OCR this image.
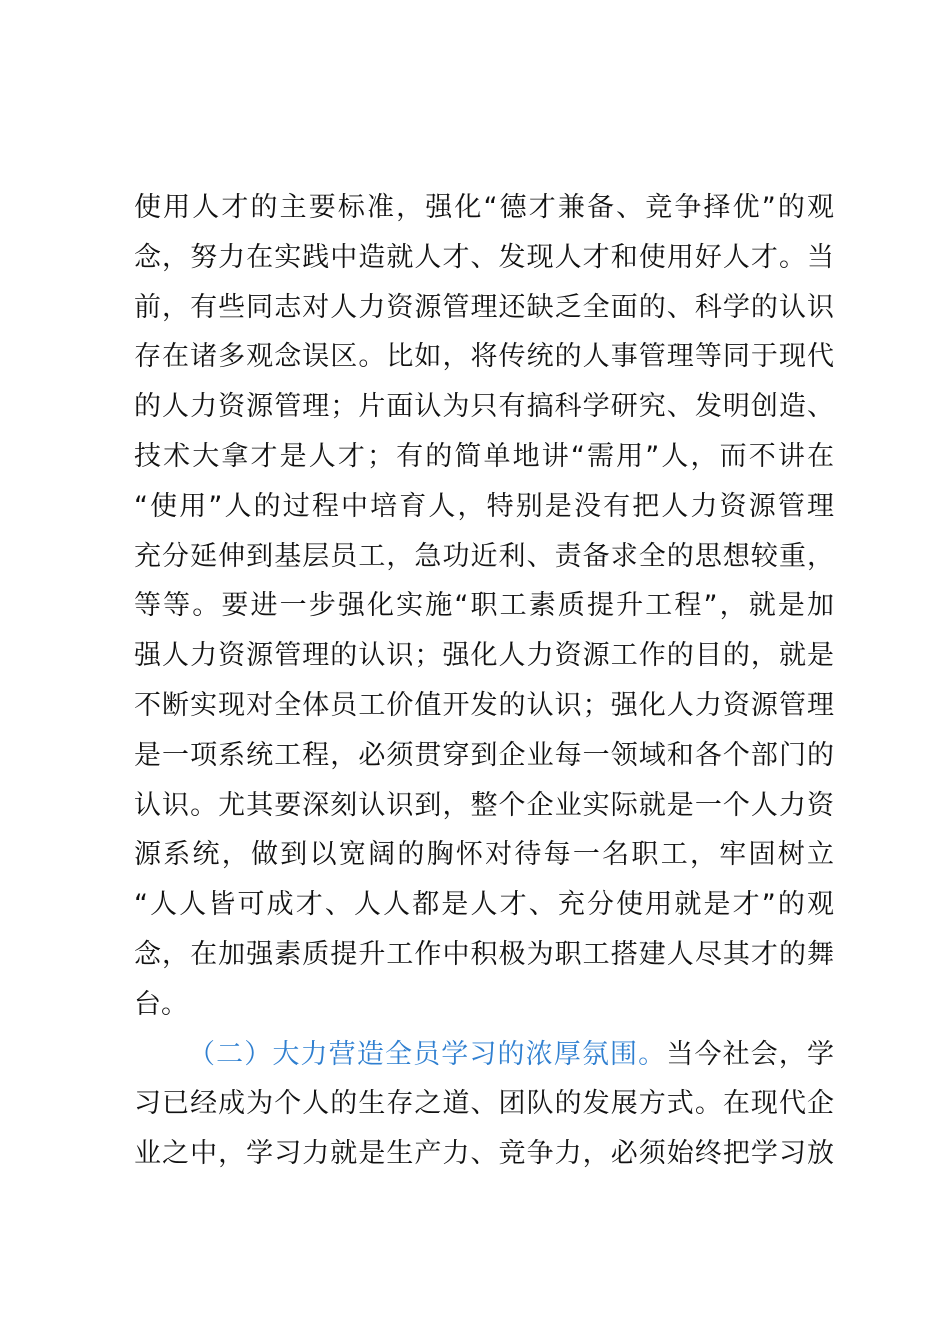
使用人才的主要标准，强化“德才兼备、竞争择优”的观
念，努力在实践中造就人才、发现人才和使用好人才。当
前，有些同志对人力资源管理还缺乏全面的、科学的认识
存在诸多观念误区。比如，将传统的人事管理等同于现代
的人力资源管理；片面认为只有搞科学研究、发明创造、
技术大拿才是人才；有的简单地讲“需用”人，而不讲在
“使用”人的过程中培育人，特别是没有把人力资源管理
充分延伸到基层员工，急功近利、责备求全的思想较重，
等等。要进一步强化实施“职工素质提升工程”，就是加
强人力资源管理的认识；强化人力资源工作的目的，就是
不断实现对全体员工价值开发的认识；强化人力资源管理
是一项系统工程，必须贯穿到企业每一领域和各个部门的
认识。尤其要深刻认识到，整个企业实际就是一个人力资
源系统，做到以宽阔的胸怀对待每一名职工，牢固树立
“人人皆可成才、人人都是人才、充分使用就是才”的观
念，在加强素质提升工作中积极为职工搭建人尽其才的舞
台。
（二）大力营造全员学习的浓厚氛围。当今社会，学
习已经成为个人的生存之道、团队的发展方式。在现代企
业之中，学习力就是生产力、竞争力，必须始终把学习放
